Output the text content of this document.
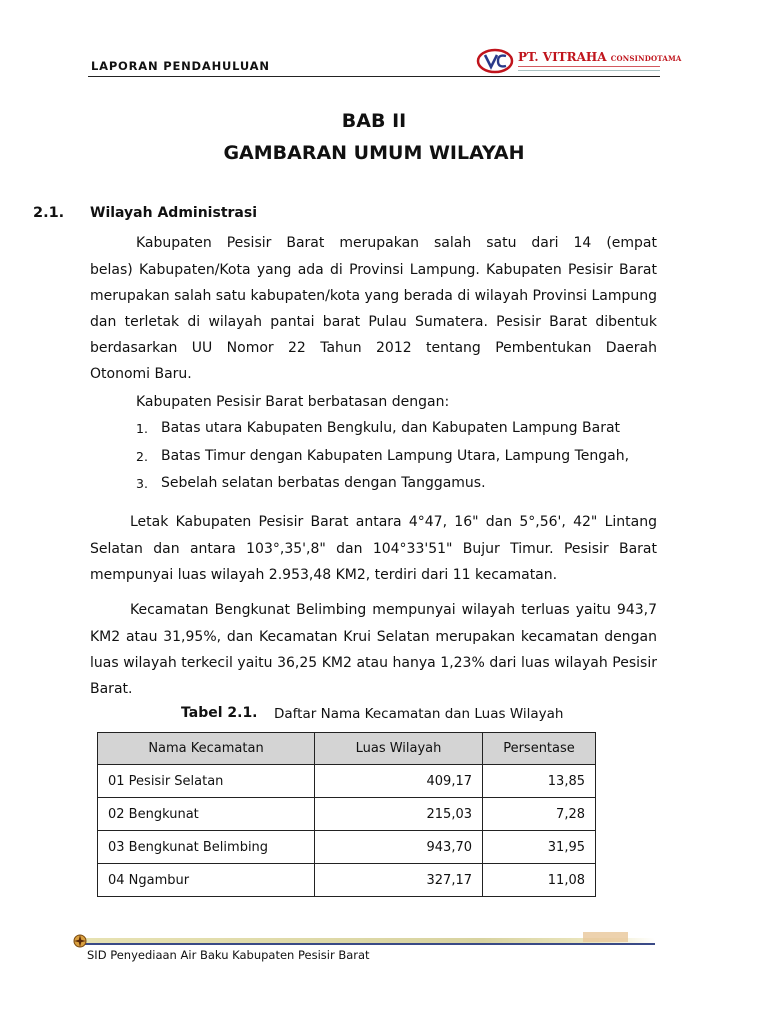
LAPORAN PENDAHULUAN
PT. VITRAHA CONSINDOTAMA
BAB II
GAMBARAN UMUM WILAYAH
2.1. Wilayah Administrasi
Kabupaten Pesisir Barat merupakan salah satu dari 14 (empat
belas) Kabupaten/Kota yang ada di Provinsi Lampung. Kabupaten Pesisir Barat
merupakan salah satu kabupaten/kota yang berada di wilayah Provinsi Lampung
dan terletak di wilayah pantai barat Pulau Sumatera. Pesisir Barat dibentuk
berdasarkan UU Nomor 22 Tahun 2012 tentang Pembentukan Daerah
Otonomi Baru.
Kabupaten Pesisir Barat berbatasan dengan:
1. Batas utara Kabupaten Bengkulu, dan Kabupaten Lampung Barat
2. Batas Timur dengan Kabupaten Lampung Utara, Lampung Tengah,
3. Sebelah selatan berbatas dengan Tanggamus.
Letak Kabupaten Pesisir Barat antara 4°47, 16" dan 5°,56', 42" Lintang
Selatan dan antara 103°,35',8" dan 104°33'51" Bujur Timur. Pesisir Barat
mempunyai luas wilayah 2.953,48 KM2, terdiri dari 11 kecamatan.
Kecamatan Bengkunat Belimbing mempunyai wilayah terluas yaitu 943,7
KM2 atau 31,95%, dan Kecamatan Krui Selatan merupakan kecamatan dengan
luas wilayah terkecil yaitu 36,25 KM2 atau hanya 1,23% dari luas wilayah Pesisir
Barat.
Tabel 2.1. Daftar Nama Kecamatan dan Luas Wilayah
Nama Kecamatan	Luas Wilayah	Persentase
01 Pesisir Selatan	409,17	13,85
02 Bengkunat	215,03	7,28
03 Bengkunat Belimbing	943,70	31,95
04 Ngambur	327,17	11,08
SID Penyediaan Air Baku Kabupaten Pesisir Barat
